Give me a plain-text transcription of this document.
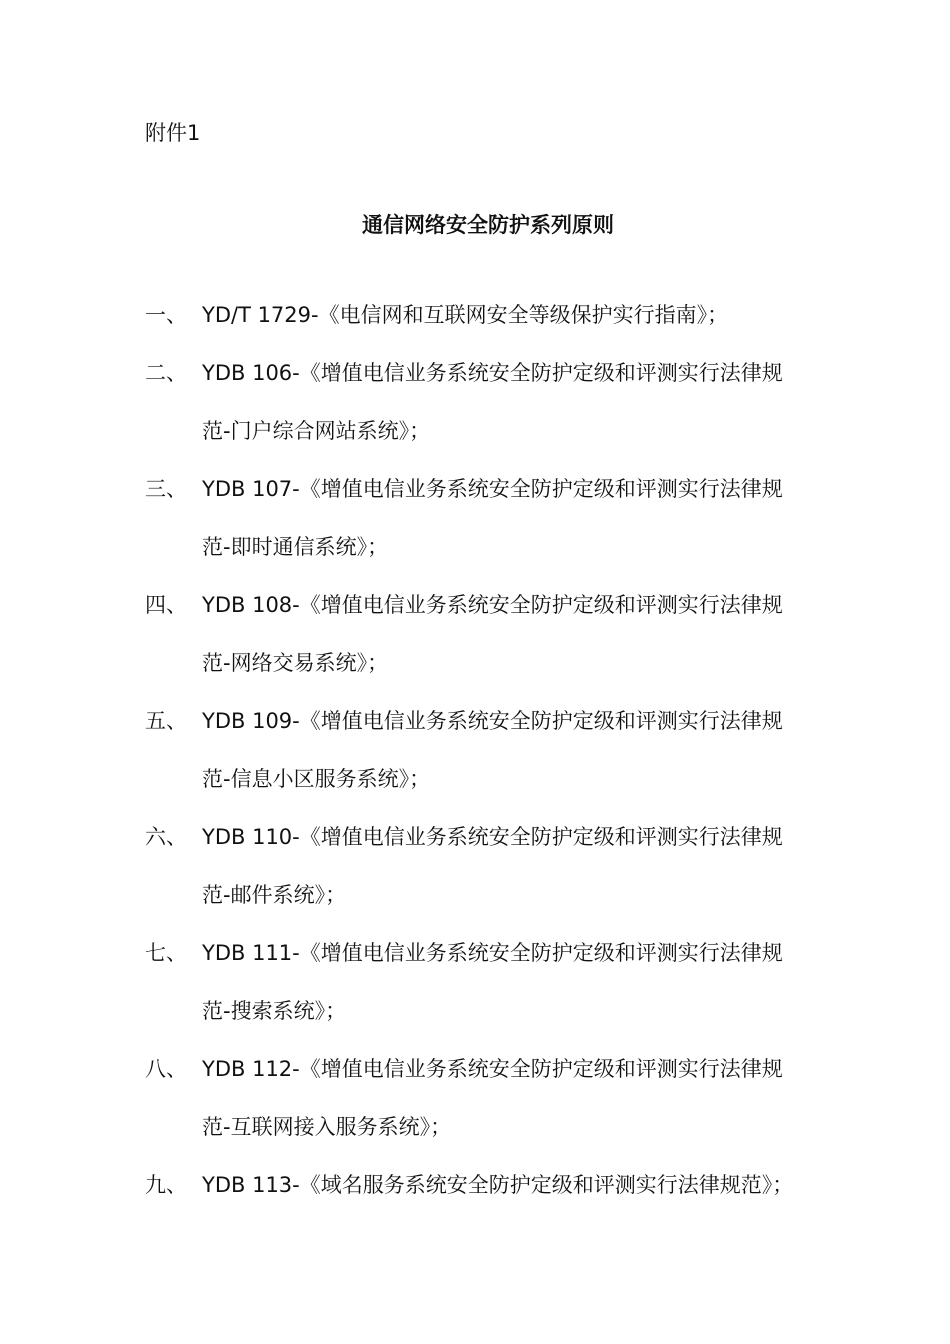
附件1
通信网络安全防护系列原则
一、 YD/T 1729-《电信网和互联网安全等级保护实行指南》；
二、 YDB 106-《增值电信业务系统安全防护定级和评测实行法律规
范-门户综合网站系统》；
三、 YDB 107-《增值电信业务系统安全防护定级和评测实行法律规
范-即时通信系统》；
四、 YDB 108-《增值电信业务系统安全防护定级和评测实行法律规
范-网络交易系统》；
五、 YDB 109-《增值电信业务系统安全防护定级和评测实行法律规
范-信息小区服务系统》；
六、 YDB 110-《增值电信业务系统安全防护定级和评测实行法律规
范-邮件系统》；
七、 YDB 111-《增值电信业务系统安全防护定级和评测实行法律规
范-搜索系统》；
八、 YDB 112-《增值电信业务系统安全防护定级和评测实行法律规
范-互联网接入服务系统》；
九、 YDB 113-《域名服务系统安全防护定级和评测实行法律规范》；
